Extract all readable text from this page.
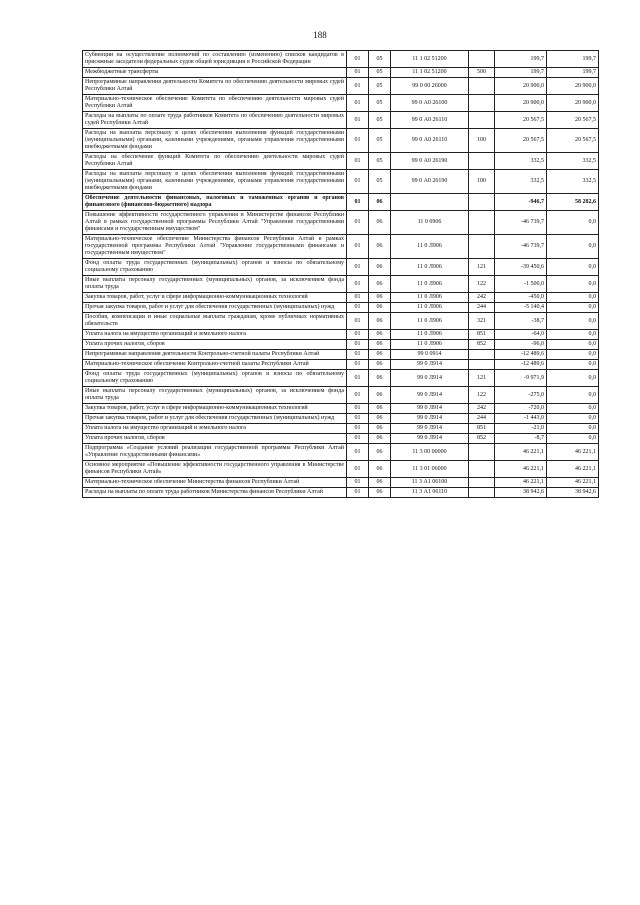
188
Субвенции на осуществление полномочий по составлению (изменению) списков кандидатов в присяжные заседатели федеральных судов общей юрисдикции в Российской Федерации	01	05	11 1 02 51200		199,7	199,7
Межбюджетные трансферты	01	05	11 1 02 51200	500	199,7	199,7
Непрограммные направления деятельности Комитета по обеспечению деятельности мировых судей Республики Алтай	01	05	99 0 00 26000		20 900,0	20 900,0
Материально-техническое обеспечение Комитета по обеспечению деятельности мировых судей Республики Алтай	01	05	99 0 А0 26100		20 900,0	20 900,0
Расходы на выплаты по оплате труда работников Комитета по обеспечению деятельности мировых судей Республики Алтай	01	05	99 0 А0 26110		20 567,5	20 567,5
Расходы на выплаты персоналу в целях обеспечения выполнения функций государственными (муниципальными) органами, казенными учреждениями, органами управления государственными внебюджетными фондами	01	05	99 0 А0 26110	100	20 567,5	20 567,5
Расходы на обеспечение функций Комитета по обеспечению деятельности мировых судей Республики Алтай	01	05	99 0 А0 26190		332,5	332,5
Расходы на выплаты персоналу в целях обеспечения выполнения функций государственными (муниципальными) органами, казенными учреждениями, органами управления государственными внебюджетными фондами	01	05	99 0 А0 26190	100	332,5	332,5
Обеспечение деятельности финансовых, налоговых и таможенных органов и органов финансового (финансово-бюджетного) надзора	01	06			-946,7	58 282,6
Повышение эффективности государственного управления в Министерстве финансов Республики Алтай в рамках государственной программы Республики Алтай "Управление государственными финансами и государственным имуществом"	01	06	11 0 0906		-46 739,7	0,0
Материально-техническое обеспечение Министерства финансов Республики Алтай в рамках государственной программы Республики Алтай "Управление государственными финансами и государственным имуществом"	01	06	11 0 Л906		-46 739,7	0,0
Фонд оплаты труда государственных (муниципальных) органов и взносы по обязательному социальному страхованию	01	06	11 0 Л906	121	-39 450,6	0,0
Иные выплаты персоналу государственных (муниципальных) органов, за исключением фонда оплаты труда	01	06	11 0 Л906	122	-1 500,0	0,0
Закупка товаров, работ, услуг в сфере информационно-коммуникационных технологий	01	06	11 0 Л906	242	-450,0	0,0
Прочая закупка товаров, работ и услуг для обеспечения государственных (муниципальных) нужд	01	06	11 0 Л906	244	-5 140,4	0,0
Пособия, компенсации и иные социальные выплаты гражданам, кроме публичных нормативных обязательств	01	06	11 0 Л906	321	-38,7	0,0
Уплата налога на имущество организаций и земельного налога	01	06	11 0 Л906	851	-64,0	0,0
Уплата прочих налогов, сборов	01	06	11 0 Л906	852	-96,0	0,0
Непрограммные направления деятельности Контрольно-счетной палаты Республики Алтай	01	06	99 0 0914		-12 489,6	0,0
Материально-техническое обеспечение Контрольно-счетной палаты Республики Алтай	01	06	99 0 Л914		-12 489,6	0,0
Фонд оплаты труда государственных (муниципальных) органов и взносы по обязательному социальному страхованию	01	06	99 0 Л914	121	-9 971,9	0,0
Иные выплаты персоналу государственных (муниципальных) органов, за исключением фонда оплаты труда	01	06	99 0 Л914	122	-275,0	0,0
Закупка товаров, работ, услуг в сфере информационно-коммуникационных технологий	01	06	99 0 Л914	242	-720,0	0,0
Прочая закупка товаров, работ и услуг для обеспечения государственных (муниципальных) нужд	01	06	99 0 Л914	244	-1 443,0	0,0
Уплата налога на имущество организаций и земельного налога	01	06	99 0 Л914	851	-21,0	0,0
Уплата прочих налогов, сборов	01	06	99 0 Л914	852	-8,7	0,0
Подпрограмма «Создание условий реализации государственной программы Республики Алтай «Управление государственными финансами»	01	06	11 3 00 00000		46 221,1	46 221,1
Основное мероприятие «Повышение эффективности государственного управления в Министерстве финансов Республики Алтай»	01	06	11 3 01 06000		46 221,1	46 221,1
Материально-техническое обеспечение Министерства финансов Республики Алтай	01	06	11 3 А1 06100		46 221,1	46 221,1
Расходы на выплаты по оплате труда работников Министерства финансов Республики Алтай	01	06	11 3 А1 06110		38 942,6	38 942,6
